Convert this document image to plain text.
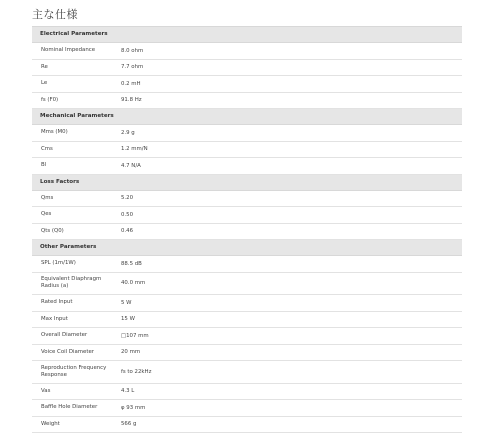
主な仕様
Electrical Parameters
Nominal Impedance	8.0 ohm
Re	7.7 ohm
Le	0.2 mH
fs (F0)	91.8 Hz
Mechanical Parameters
Mms (M0)	2.9 g
Cms	1.2 mm/N
Bl	4.7 N/A
Loss Factors
Qms	5.20
Qes	0.50
Qts (Q0)	0.46
Other Parameters
SPL (1m/1W)	88.5 dB
Equivalent Diaphragm Radius (a)	40.0 mm
Rated Input	5 W
Max Input	15 W
Overall Diameter	□107 mm
Voice Coil Diameter	20 mm
Reproduction Frequency Response	fs to 22kHz
Vas	4.3 L
Baffle Hole Diameter	φ 93 mm
Weight	566 g
